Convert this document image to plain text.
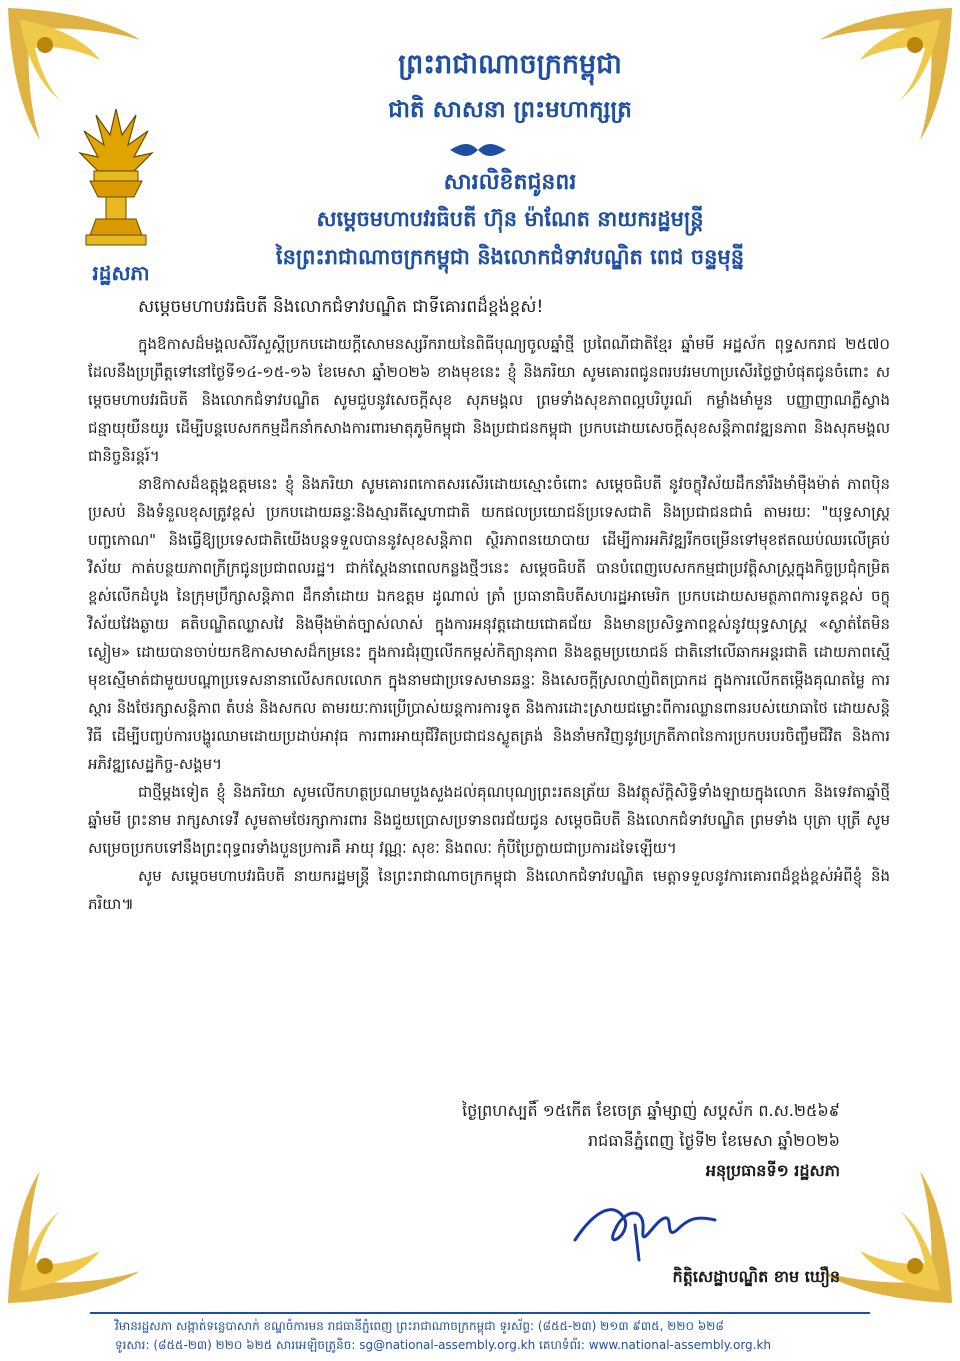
ព្រះរាជាណាចក្រកម្ពុជា
ជាតិ សាសនា ព្រះមហាក្សត្រ
រដ្ឋសភា
សារលិខិតជូនពរ
សម្តេចមហាបវរធិបតី ហ៊ុន ម៉ាណែត នាយករដ្ឋមន្ត្រី
នៃព្រះរាជាណាចក្រកម្ពុជា និងលោកជំទាវបណ្ឌិត ពេជ ចន្ទមុន្នី
សម្តេចមហាបវរធិបតី និងលោកជំទាវបណ្ឌិត ជាទីគោរពដ៏ខ្ពង់ខ្ពស់!

ក្នុងឱកាសដ៏មង្គលសិរីសួស្តីប្រកបដោយក្តីសោមនស្សរីករាយនៃពិធីបុណ្យចូលឆ្នាំថ្មី ប្រពៃណីជាតិខ្មែរ ឆ្នាំមមី អដ្ឋស័ក ពុទ្ធសករាជ ២៥៧០ ដែលនឹងប្រព្រឹត្តទៅនៅថ្ងៃទី១៤-១៥-១៦ ខែមេសា ឆ្នាំ២០២៦ ខាងមុខនេះ ខ្ញុំ និងភរិយា សូមគោរពជូនពរបវរមហាប្រសើរថ្លៃថ្លាបំផុតជូនចំពោះ សម្តេចមហាបវរធិបតី និងលោកជំទាវបណ្ឌិត សូមជួបនូវសេចក្តីសុខ សុភមង្គល ព្រមទាំងសុខភាពល្អបរិបូរណ៍ កម្លាំងមាំមួន បញ្ញាញាណភ្លឺស្វាង ជន្មាយុយឺនយូរ ដើម្បីបន្តបេសកកម្មដឹកនាំកសាងការពារមាតុភូមិកម្ពុជា និងប្រជាជនកម្ពុជា ប្រកបដោយសេចក្តីសុខសន្តិភាពវឌ្ឍនភាព និងសុភមង្គលជានិច្ចនិរន្តរ៍។

នាឱកាសដ៏ឧត្តុង្គឧត្តមនេះ ខ្ញុំ និងភរិយា សូមគោរពកោតសរសើរដោយស្មោះចំពោះ សម្តេចធិបតី នូវចក្ខុវិស័យដឹកនាំរឹងមាំម៉ឺងម៉ាត់ ភាពប៉ិនប្រសប់ និងទំនួលខុសត្រូវខ្ពស់ ប្រកបដោយឆន្ទៈនិងស្មារតីស្នេហាជាតិ យកផលប្រយោជន៍ប្រទេសជាតិ និងប្រជាជនជាធំ តាមរយៈ "យុទ្ធសាស្ត្របញ្ចកោណ" និងធ្វើឱ្យប្រទេសជាតិយើងបន្តទទួលបាននូវសុខសន្តិភាព ស្ថិរភាពនយោបាយ ដើម្បីការអភិវឌ្ឍរីកចម្រើនទៅមុខឥតឈប់ឈរលើគ្រប់វិស័យ កាត់បន្ថយភាពក្រីក្រជូនប្រជាពលរដ្ឋ។ ជាក់ស្តែងនាពេលកន្លងថ្មីៗនេះ សម្តេចធិបតី បានបំពេញបេសកកម្មជាប្រវត្តិសាស្ត្រក្នុងកិច្ចប្រជុំកម្រិតខ្ពស់លើកដំបូង នៃក្រុមប្រឹក្សាសន្តិភាព ដឹកនាំដោយ ឯកឧត្តម ដូណាល់ ត្រាំ ប្រធានាធិបតីសហរដ្ឋអាមេរិក ប្រកបដោយសមត្ថភាពការទូតខ្ពស់ ចក្ខុវិស័យវែងឆ្ងាយ គតិបណ្ឌិតឈ្លាសវៃ និងម៉ឺងម៉ាត់ច្បាស់លាស់ ក្នុងការអនុវត្តដោយជោគជ័យ និងមានប្រសិទ្ធភាពខ្ពស់នូវយុទ្ធសាស្ត្រ «ស្ងាត់តែមិនស្ងៀម» ដោយបានចាប់យកឱកាសមាសដ៏កម្រនេះ ក្នុងការជំរុញលើកកម្ពស់កិត្យានុភាព និងឧត្តមប្រយោជន៍ ជាតិនៅលើឆាកអន្តរជាតិ ដោយភាពស្មើមុខស្មើមាត់ជាមួយបណ្តាប្រទេសនានាលើសកលលោក ក្នុងនាមជាប្រទេសមានឆន្ទៈ និងសេចក្តីស្រលាញ់ពិតប្រាកដ ក្នុងការលើកតម្កើងគុណតម្លៃ ការស្តារ និងថែរក្សាសន្តិភាព តំបន់ និងសកល តាមរយៈការប្រើប្រាស់យន្តការការទូត និងការដោះស្រាយជម្លោះពីការឈ្លានពានរបស់យោធាថៃ ដោយសន្តិវិធី ដើម្បីបញ្ចប់ការបង្ហូរឈាមដោយប្រដាប់អាវុធ ការពារអាយុជីវិតប្រជាជនស្លូតត្រង់ និងនាំមកវិញនូវប្រក្រតីភាពនៃការប្រកបរបរចិញ្ចឹមជីវិត និងការអភិវឌ្ឍសេដ្ឋកិច្ច-សង្គម។

ជាថ្មីម្តងទៀត ខ្ញុំ និងភរិយា សូមលើកហត្ថប្រណមបួងសួងដល់គុណបុណ្យព្រះរតនត្រ័យ និងវត្ថុស័ក្តិសិទ្ធិទាំងឡាយក្នុងលោក និងទេវតាឆ្នាំថ្មី ឆ្នាំមមី ព្រះនាម រាក្សសាទេវី សូមតាមថែរក្សាការពារ និងជួយប្រោសប្រទានពរជ័យជូន សម្តេចធិបតី និងលោកជំទាវបណ្ឌិត ព្រមទាំង បុត្រា បុត្រី សូមសម្រេចប្រកបទៅនឹងព្រះពុទ្ធពរទាំងបួនប្រការគឺ អាយុ វណ្ណៈ សុខៈ និងពលៈ កុំបីប្រែក្លាយជាប្រការដទៃឡើយ។

សូម សម្តេចមហាបវរធិបតី នាយករដ្ឋមន្ត្រី នៃព្រះរាជាណាចក្រកម្ពុជា និងលោកជំទាវបណ្ឌិត មេត្តាទទួលនូវការគោរពដ៏ខ្ពង់ខ្ពស់អំពីខ្ញុំ និងភរិយា៕

ថ្ងៃព្រហស្បតិ៍ ១៥កើត ខែចេត្រ ឆ្នាំម្សាញ់ សប្តស័ក ព.ស.២៥៦៩
រាជធានីភ្នំពេញ ថ្ងៃទី២ ខែមេសា ឆ្នាំ២០២៦
អនុប្រធានទី១ រដ្ឋសភា
កិត្តិសេដ្ឋាបណ្ឌិត ខាម ឃឿន
វិមានរដ្ឋសភា សង្កាត់ទន្លេបាសាក់ ខណ្ឌចំការមន រាជធានីភ្នំពេញ ព្រះរាជាណាចក្រកម្ពុជា ទូរស័ព្ទ: (៨៥៥-២៣) ២១៣ ៩៣៥, ២២០ ៦២៨
ទូរសារ: (៨៥៥-២៣) ២២០ ៦២៥ សារអេឡិចត្រូនិច: sg@national-assembly.org.kh គេហទំព័រ: www.national-assembly.org.kh
